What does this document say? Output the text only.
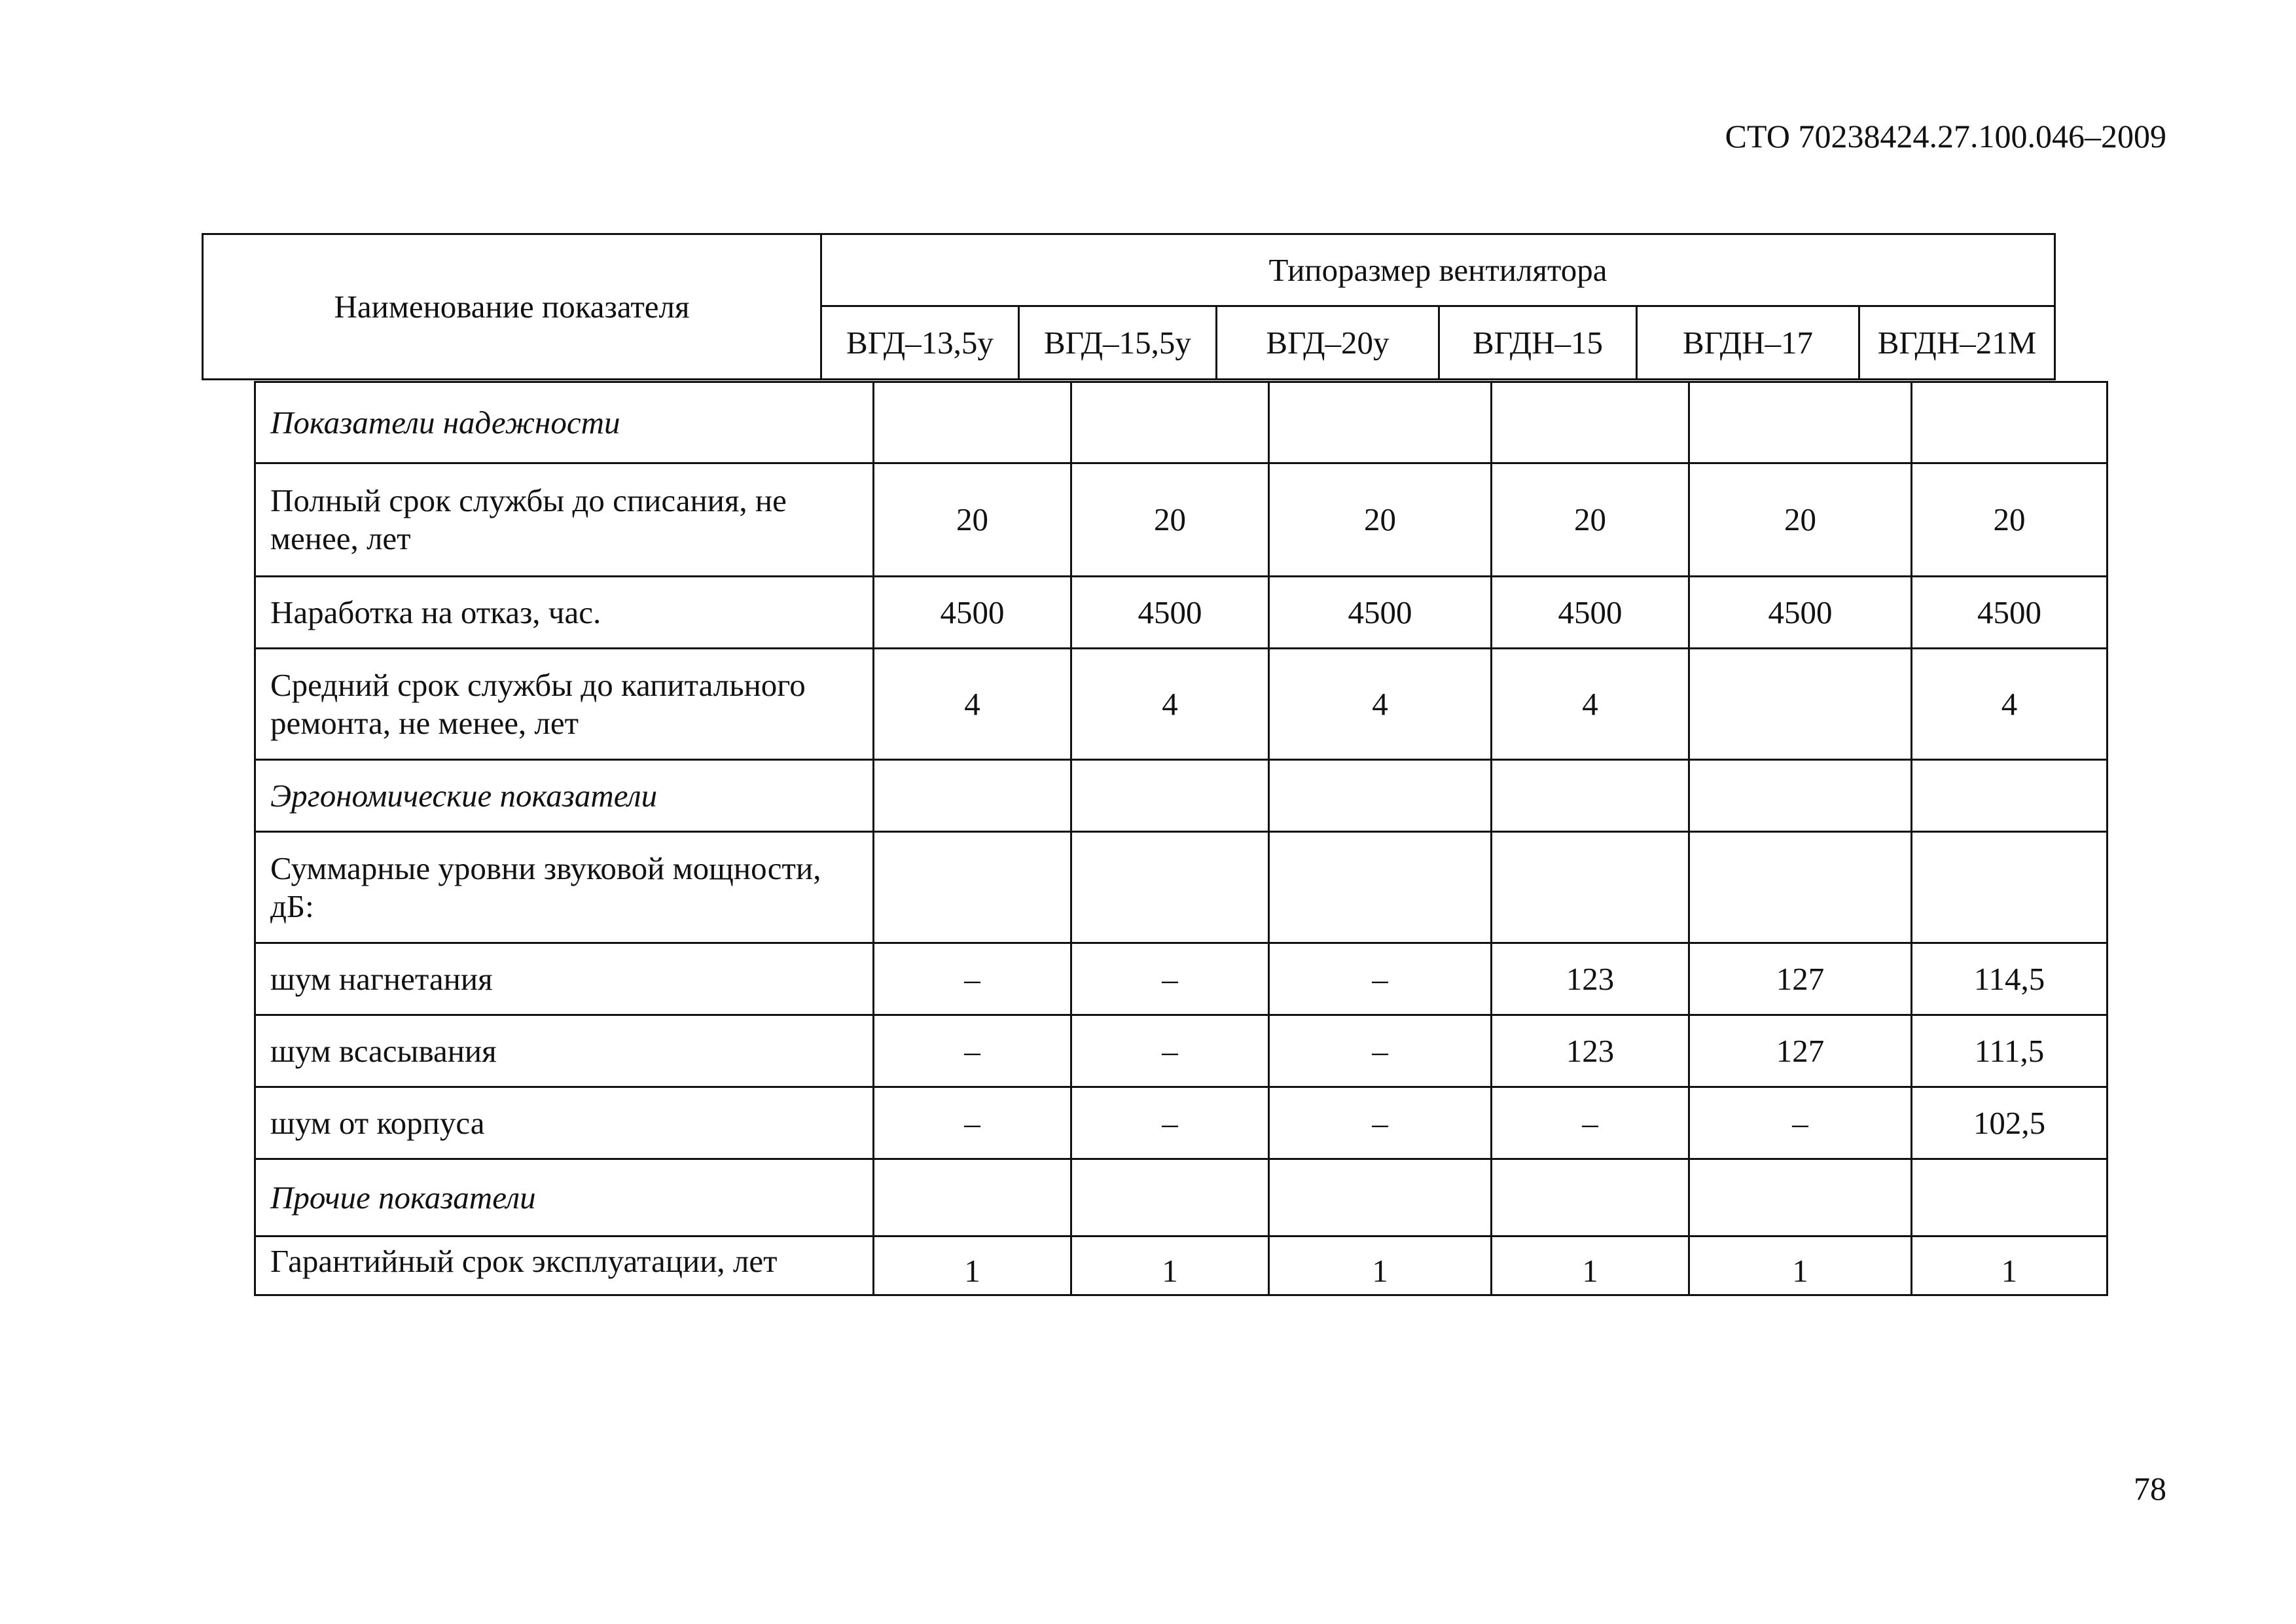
СТО 70238424.27.100.046–2009
Наименование показателя	Типоразмер вентилятора					
	ВГД–13,5у	ВГД–15,5у	ВГД–20у	ВГДН–15	ВГДН–17	ВГДН–21М
Показатели надежности						
Полный срок службы до списания, не менее, лет	20	20	20	20	20	20
Наработка на отказ, час.	4500	4500	4500	4500	4500	4500
Средний срок службы до капитального ремонта, не менее, лет	4	4	4	4		4
Эргономические показатели						
Суммарные уровни звуковой мощности, дБ:						
шум нагнетания	–	–	–	123	127	114,5
шум всасывания	–	–	–	123	127	111,5
шум от корпуса	–	–	–	–	–	102,5
Прочие показатели						
Гарантийный срок эксплуатации, лет	1	1	1	1	1	1
78
